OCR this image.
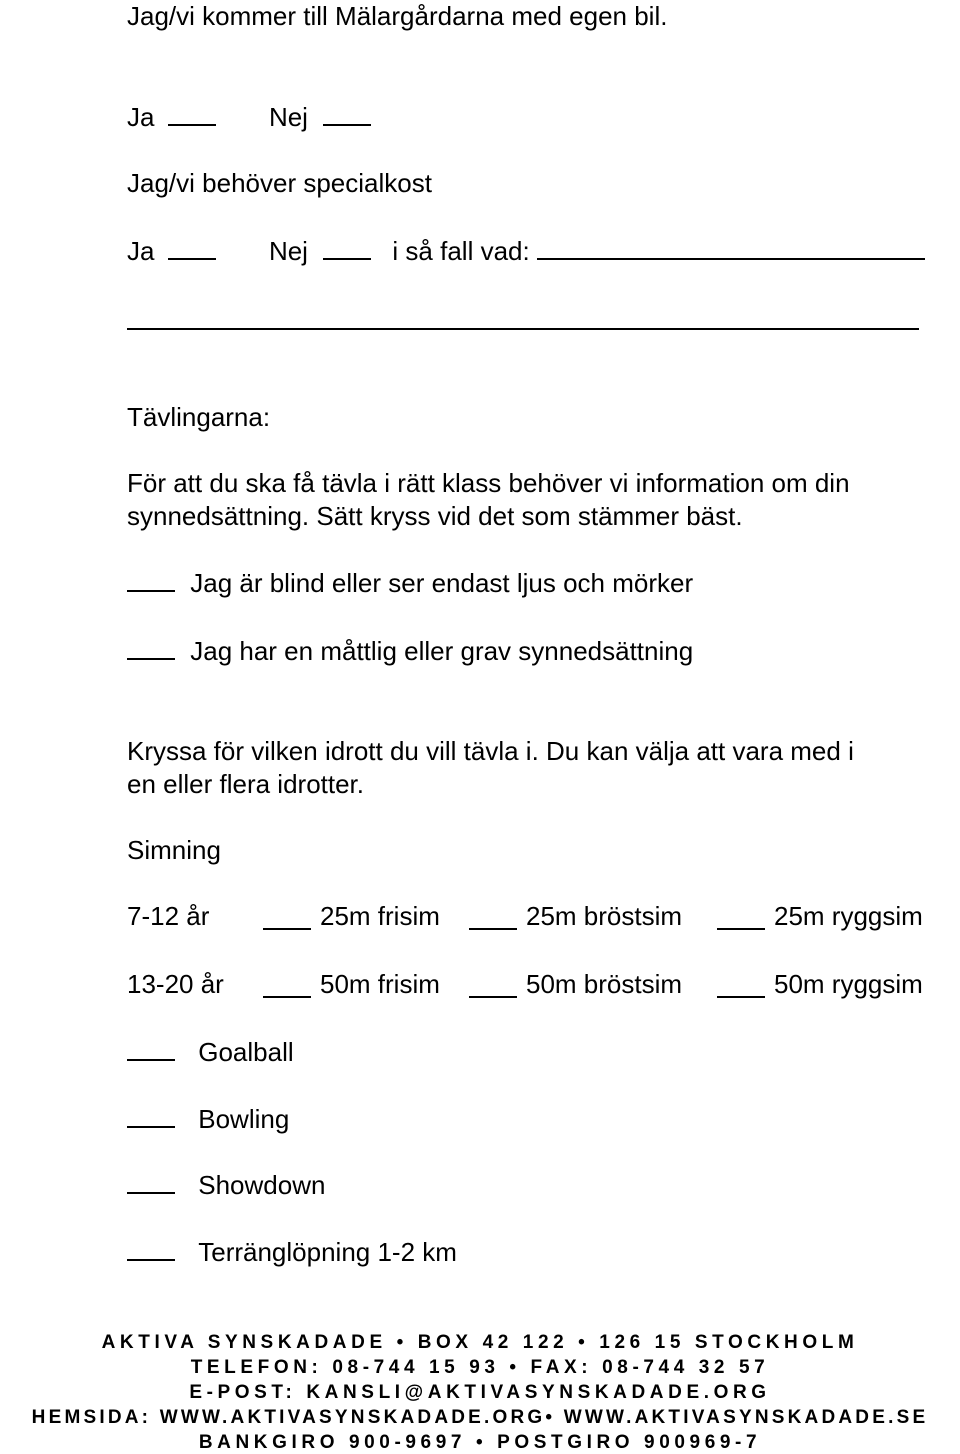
Jag/vi kommer till Mälargårdarna med egen bil.
Ja	Nej
Jag/vi behöver specialkost
Ja	Nej	i så fall vad:
Tävlingarna:
För att du ska få tävla i rätt klass behöver vi information om din
synnedsättning. Sätt kryss vid det som stämmer bäst.
Jag är blind eller ser endast ljus och mörker
Jag har en måttlig eller grav synnedsättning
Kryssa för vilken idrott du vill tävla i. Du kan välja att vara med i
en eller flera idrotter.
Simning
7-12 år	25m frisim	25m bröstsim	25m ryggsim
13-20 år	50m frisim	50m bröstsim	50m ryggsim
Goalball
Bowling
Showdown
Terränglöpning 1-2 km
AKTIVA SYNSKADADE • BOX 42 122 • 126 15 STOCKHOLM
TELEFON: 08-744 15 93 • FAX: 08-744 32 57
E-POST: KANSLI@AKTIVASYNSKADADE.ORG
HEMSIDA: WWW.AKTIVASYNSKADADE.ORG• WWW.AKTIVASYNSKADADE.SE
BANKGIRO 900-9697 • POSTGIRO 900969-7
